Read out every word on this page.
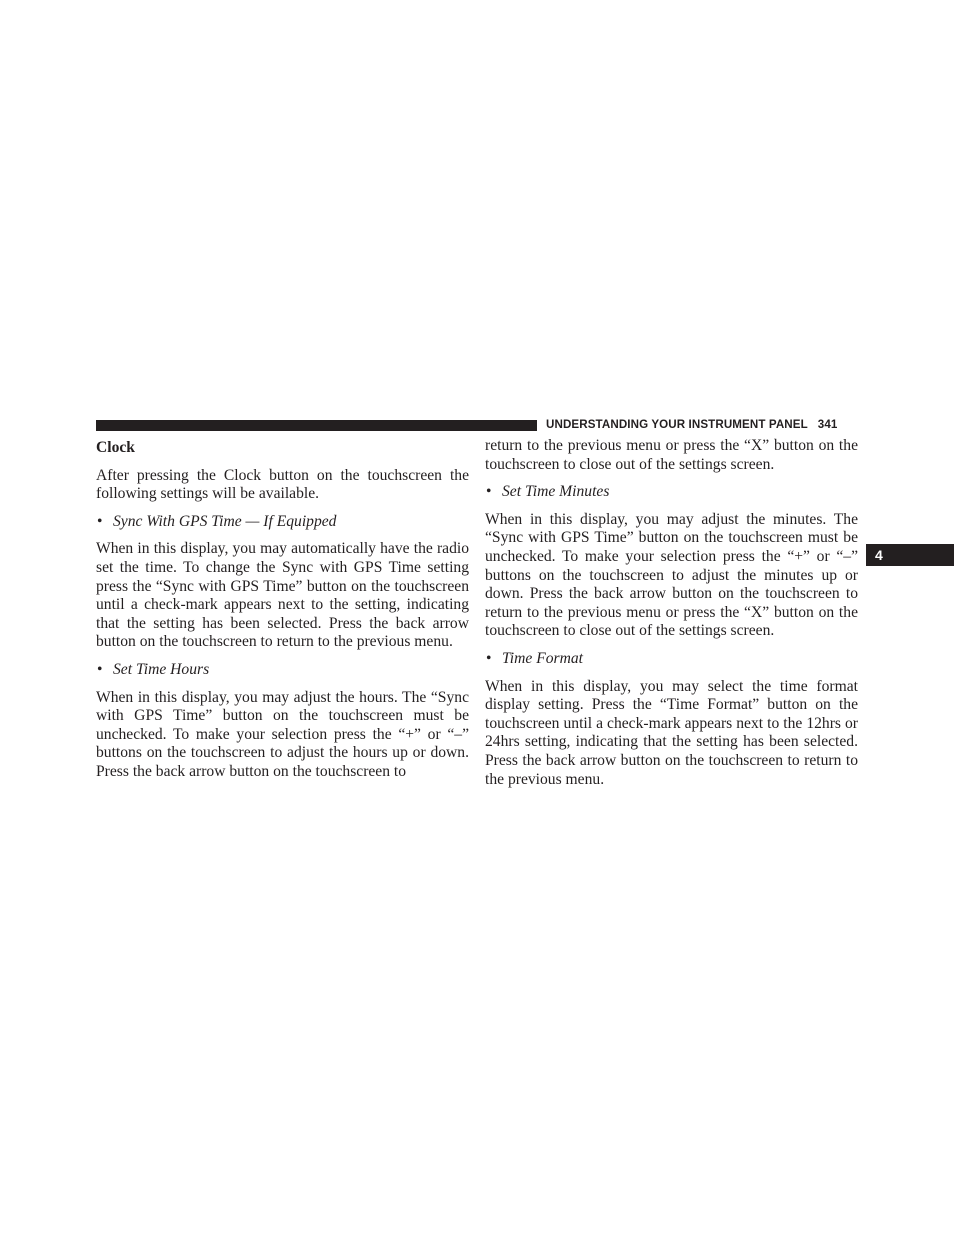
UNDERSTANDING YOUR INSTRUMENT PANEL 341
4
Clock

After pressing the Clock button on the touchscreen the following settings will be available.

• Sync With GPS Time — If Equipped

When in this display, you may automatically have the radio set the time. To change the Sync with GPS Time setting press the “Sync with GPS Time” button on the touchscreen until a check-mark appears next to the setting, indicating that the setting has been selected. Press the back arrow button on the touchscreen to return to the previous menu.

• Set Time Hours

When in this display, you may adjust the hours. The “Sync with GPS Time” button on the touchscreen must be unchecked. To make your selection press the “+” or “–” buttons on the touchscreen to adjust the hours up or down. Press the back arrow button on the touchscreen to

return to the previous menu or press the “X” button on the touchscreen to close out of the settings screen.

• Set Time Minutes

When in this display, you may adjust the minutes. The “Sync with GPS Time” button on the touchscreen must be unchecked. To make your selection press the “+” or “–” buttons on the touchscreen to adjust the minutes up or down. Press the back arrow button on the touchscreen to return to the previous menu or press the “X” button on the touchscreen to close out of the settings screen.

• Time Format

When in this display, you may select the time format display setting. Press the “Time Format” button on the touchscreen until a check-mark appears next to the 12hrs or 24hrs setting, indicating that the setting has been selected. Press the back arrow button on the touchscreen to return to the previous menu.
